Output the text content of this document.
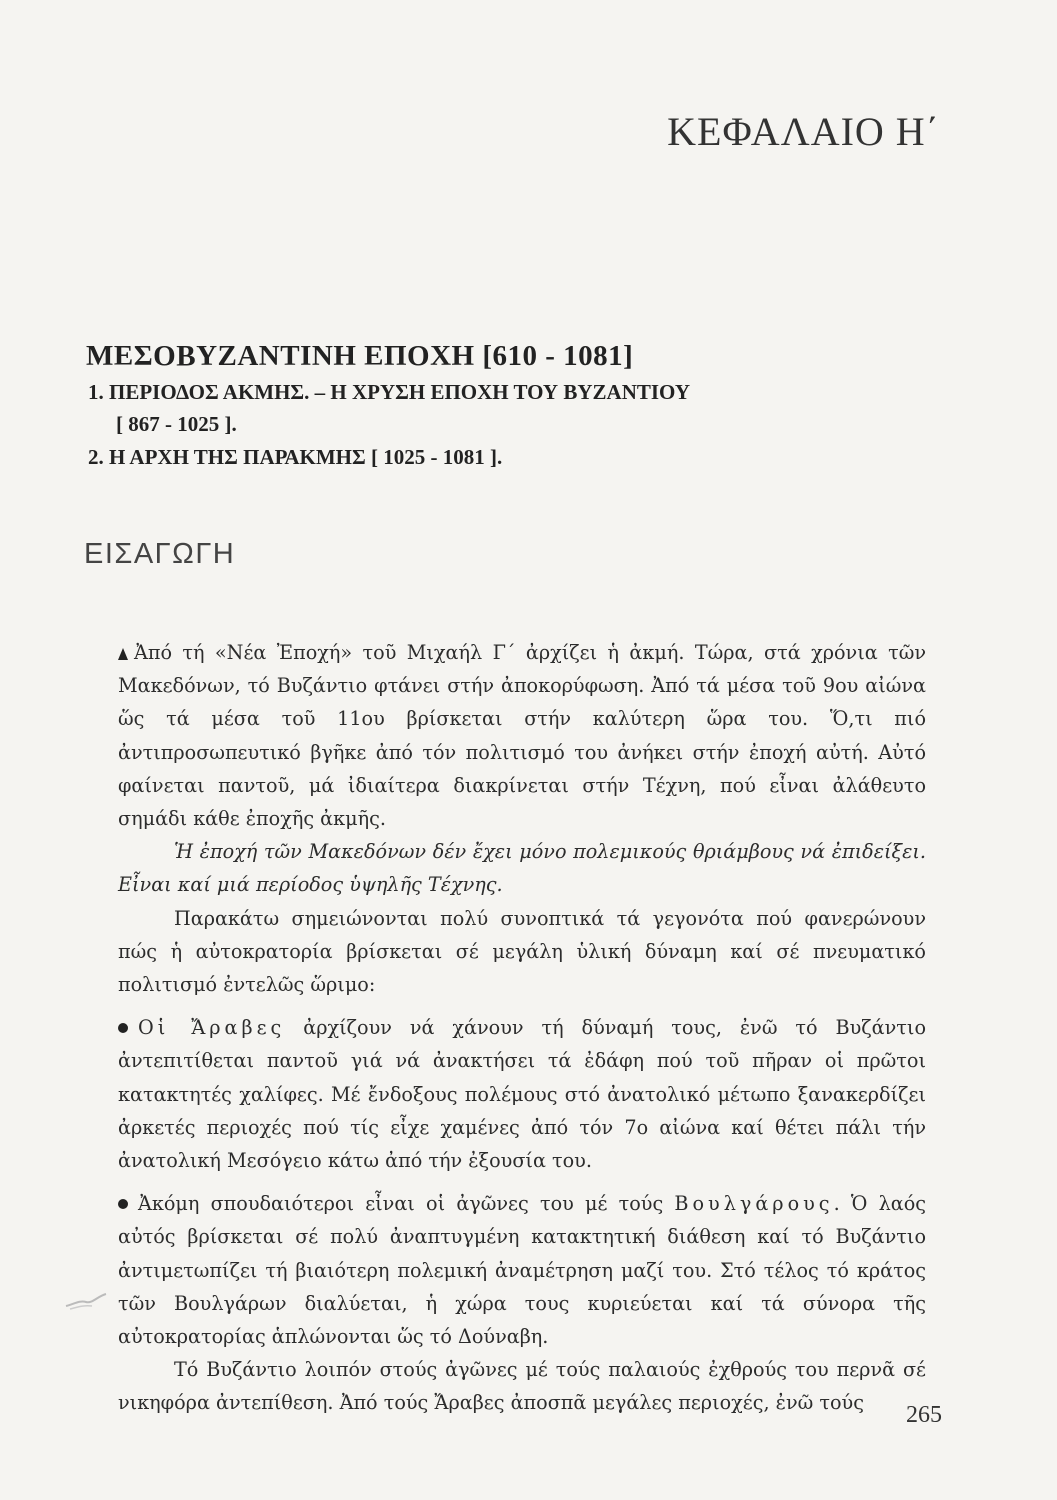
ΚΕΦΑΛΑΙΟ Η΄
ΜΕΣΟΒΥΖΑΝΤΙΝΗ ΕΠΟΧΗ [610 - 1081]
1. ΠΕΡΙΟΔΟΣ ΑΚΜΗΣ. – Η ΧΡΥΣΗ ΕΠΟΧΗ ΤΟΥ ΒΥΖΑΝΤΙΟΥ
[ 867 - 1025 ].
2. Η ΑΡΧΗ ΤΗΣ ΠΑΡΑΚΜΗΣ [ 1025 - 1081 ].
ΕΙΣΑΓΩΓΗ

Ἀπό τή «Νέα Ἐποχή» τοῦ Μιχαήλ Γ΄ ἀρχίζει ἡ ἀκμή. Τώρα, στά χρόνια τῶν Μακεδόνων, τό Βυζάντιο φτάνει στήν ἀποκορύφωση. Ἀπό τά μέσα τοῦ 9ου αἰώνα ὥς τά μέσα τοῦ 11ου βρίσκεται στήν καλύτερη ὥρα του. Ὅ,τι πιό ἀντιπροσωπευτικό βγῆκε ἀπό τόν πολιτισμό του ἀνήκει στήν ἐποχή αὐτή. Αὐτό φαίνεται παντοῦ, μά ἰδιαίτερα διακρίνεται στήν Τέχνη, πού εἶναι ἀλάθευτο σημάδι κάθε ἐποχῆς ἀκμῆς.

Ἡ ἐποχή τῶν Μακεδόνων δέν ἔχει μόνο πολεμικούς θριάμβους νά ἐπιδείξει. Εἶναι καί μιά περίοδος ὑψηλῆς Τέχνης.

Παρακάτω σημειώνονται πολύ συνοπτικά τά γεγονότα πού φανερώνουν πώς ἡ αὐτοκρατορία βρίσκεται σέ μεγάλη ὑλική δύναμη καί σέ πνευματικό πολιτισμό ἐντελῶς ὥριμο:

Οἱ Ἄραβες ἀρχίζουν νά χάνουν τή δύναμή τους, ἐνῶ τό Βυζάντιο ἀντεπιτίθεται παντοῦ γιά νά ἀνακτήσει τά ἐδάφη πού τοῦ πῆραν οἱ πρῶτοι κατακτητές χαλίφες. Μέ ἔνδοξους πολέμους στό ἀνατολικό μέτωπο ξανακερδίζει ἀρκετές περιοχές πού τίς εἶχε χαμένες ἀπό τόν 7ο αἰώνα καί θέτει πάλι τήν ἀνατολική Μεσόγειο κάτω ἀπό τήν ἐξουσία του.

Ἀκόμη σπουδαιότεροι εἶναι οἱ ἀγῶνες του μέ τούς Βουλγάρους. Ὁ λαός αὐτός βρίσκεται σέ πολύ ἀναπτυγμένη κατακτητική διάθεση καί τό Βυζάντιο ἀντιμετωπίζει τή βιαιότερη πολεμική ἀναμέτρηση μαζί του. Στό τέλος τό κράτος τῶν Βουλγάρων διαλύεται, ἡ χώρα τους κυριεύεται καί τά σύνορα τῆς αὐτοκρατορίας ἁπλώνονται ὥς τό Δούναβη.

Τό Βυζάντιο λοιπόν στούς ἀγῶνες μέ τούς παλαιούς ἐχθρούς του περνᾶ σέ νικηφόρα ἀντεπίθεση. Ἀπό τούς Ἄραβες ἀποσπᾶ μεγάλες περιοχές, ἐνῶ τούς	265
